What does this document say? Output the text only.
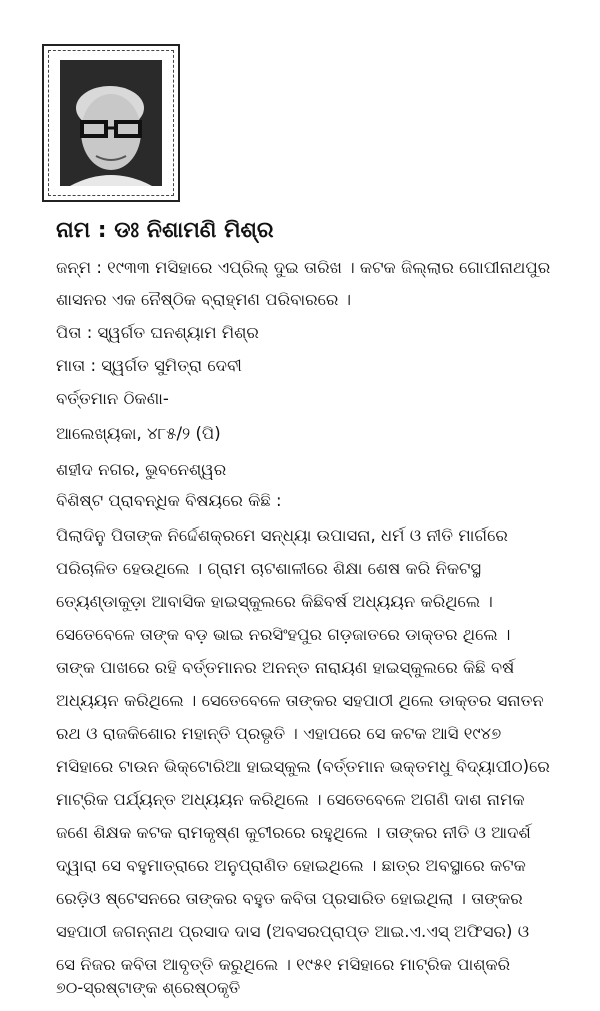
ନାମ : ଡଃ ନିଶାମଣି ମିଶ୍ର
ଜନ୍ମ : ୧୯୩୩ ମସିହାରେ ଏପ୍ରିଲ୍ ଦୁଇ ତାରିଖ । କଟକ ଜିଲ୍ଲାର ଗୋପୀନାଥପୁର
ଶାସନର ଏକ ନୈଷ୍ଠିକ ବ୍ରାହ୍ମଣ ପରିବାରରେ ।
ପିତା : ସ୍ୱର୍ଗତ ଘନଶ୍ୟାମ ମିଶ୍ର
ମାତା : ସ୍ୱର୍ଗତ ସୁମିତ୍ରା ଦେବୀ
ବର୍ତ୍ତମାନ ଠିକଣା-
ଆଲେଖ୍ୟକା, ୪୮୫/୨ (ପି)
ଶହୀଦ ନଗର, ଭୁବନେଶ୍ୱର
ବିଶିଷ୍ଟ ପ୍ରାବନ୍ଧିକ ବିଷୟରେ କିଛି :
ପିଲାଦିନୁ ପିତାଙ୍କ ନିର୍ଦ୍ଦେଶକ୍ରମେ ସନ୍ଧ୍ୟା ଉପାସନା, ଧର୍ମ ଓ ନୀତି ମାର୍ଗରେ
ପରିଚାଳିତ ହେଉଥିଲେ । ଗ୍ରାମ ଚାଟଶାଳୀରେ ଶିକ୍ଷା ଶେଷ କରି ନିକଟସ୍ଥ
ତ୍ୟେଣ୍ଡାକୁଡ଼ା ଆବାସିକ ହାଇସ୍କୁଲରେ କିଛିବର୍ଷ ଅଧ୍ୟୟନ କରିଥିଲେ ।
ସେତେବେଳେ ତାଙ୍କ ବଡ଼ ଭାଇ ନରସିଂହପୁର ଗଡ଼ଜାତରେ ଡାକ୍ତର ଥିଲେ ।
ତାଙ୍କ ପାଖରେ ରହି ବର୍ତ୍ତମାନର ଅନନ୍ତ ନାରାୟଣ ହାଇସ୍କୁଲରେ କିଛି ବର୍ଷ
ଅଧ୍ୟୟନ କରିଥିଲେ । ସେତେବେଳେ ତାଙ୍କର ସହପାଠୀ ଥିଲେ ଡାକ୍ତର ସନାତନ
ରଥ ଓ ରାଜକିଶୋର ମହାନ୍ତି ପ୍ରଭୃତି । ଏହାପରେ ସେ କଟକ ଆସି ୧୯୪୭
ମସିହାରେ ଟାଉନ ଭିକ୍ଟୋରିଆ ହାଇସ୍କୁଲ (ବର୍ତ୍ତମାନ ଭକ୍ତମଧୁ ବିଦ୍ୟାପୀଠ)ରେ
ମାଟ୍ରିକ ପର୍ଯ୍ୟନ୍ତ ଅଧ୍ୟୟନ କରିଥିଲେ । ସେତେବେଳେ ଅଗଣି ଦାଶ ନାମକ
ଜଣେ ଶିକ୍ଷକ କଟକ ରାମକୃଷ୍ଣ କୁଟୀରରେ ରହୁଥିଲେ । ତାଙ୍କର ନୀତି ଓ ଆଦର୍ଶ
ଦ୍ୱାରା ସେ ବହୁମାତ୍ରାରେ ଅନୁପ୍ରାଣିତ ହୋଇଥିଲେ । ଛାତ୍ର ଅବସ୍ଥାରେ କଟକ
ରେଡ଼ିଓ ଷ୍ଟେସନରେ ତାଙ୍କର ବହୁତ କବିତା ପ୍ରସାରିତ ହୋଇଥିଲା । ତାଙ୍କର
ସହପାଠୀ ଜଗନ୍ନାଥ ପ୍ରସାଦ ଦାସ (ଅବସରପ୍ରାପ୍ତ ଆଇ.ଏ.ଏସ୍ ଅଫିସର) ଓ
ସେ ନିଜର କବିତା ଆବୃତ୍ତି କରୁଥିଲେ । ୧୯୫୧ ମସିହାରେ ମାଟ୍ରିକ ପାଶ୍‌କରି
୭୦-ସ୍ରଷ୍ଟାଙ୍କ ଶ୍ରେଷ୍ଠକୃତି
